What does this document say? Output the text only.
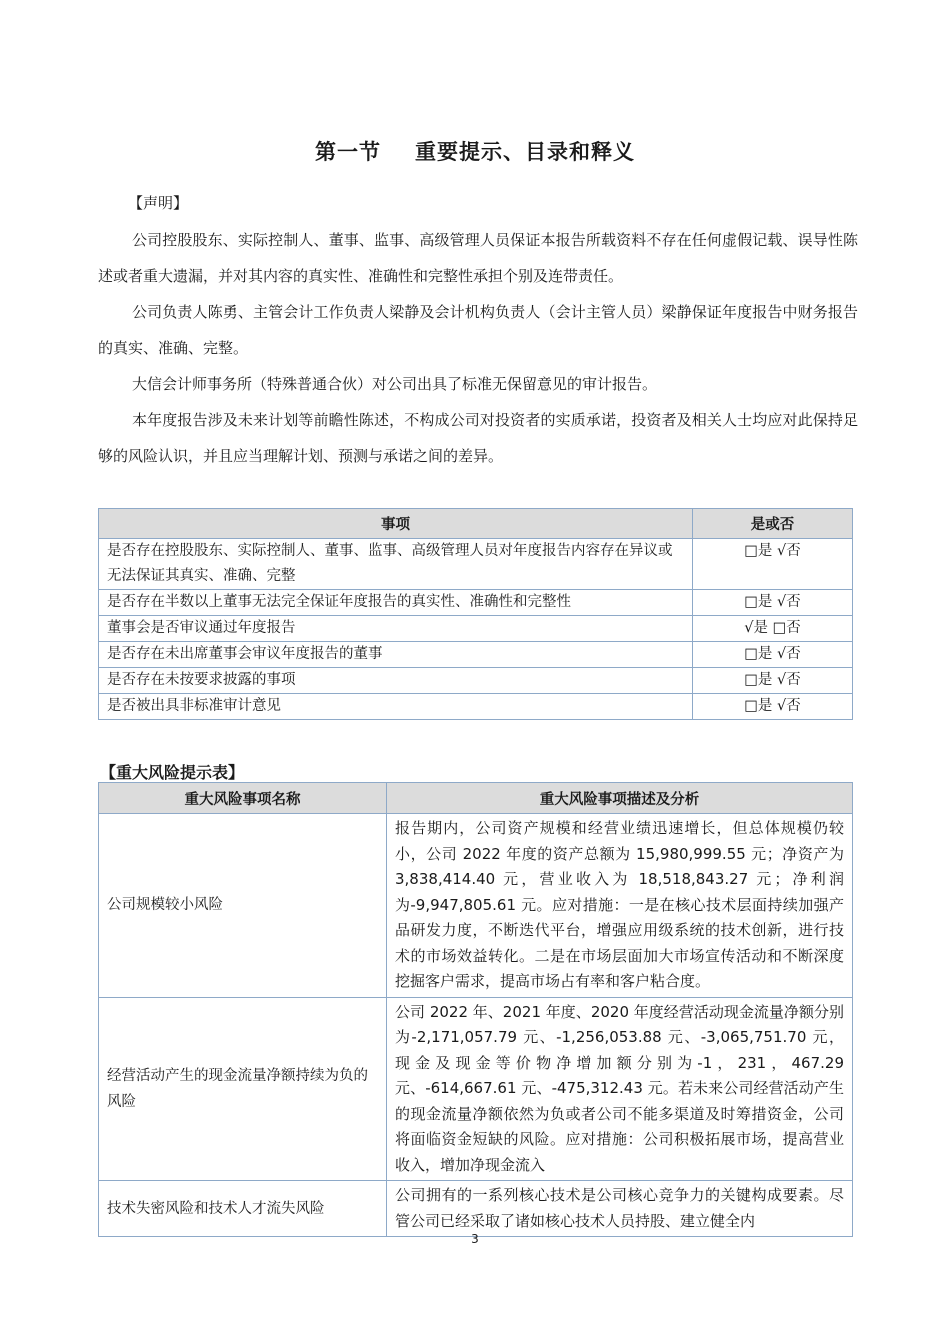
第一节 重要提示、目录和释义
【声明】

公司控股股东、实际控制人、董事、监事、高级管理人员保证本报告所载资料不存在任何虚假记载、误导性陈述或者重大遗漏，并对其内容的真实性、准确性和完整性承担个别及连带责任。

公司负责人陈勇、主管会计工作负责人梁静及会计机构负责人（会计主管人员）梁静保证年度报告中财务报告的真实、准确、完整。

大信会计师事务所（特殊普通合伙）对公司出具了标准无保留意见的审计报告。

本年度报告涉及未来计划等前瞻性陈述，不构成公司对投资者的实质承诺，投资者及相关人士均应对此保持足够的风险认识，并且应当理解计划、预测与承诺之间的差异。

事项	是或否
是否存在控股股东、实际控制人、董事、监事、高级管理人员对年度报告内容存在异议或无法保证其真实、准确、完整	□是 √否
是否存在半数以上董事无法完全保证年度报告的真实性、准确性和完整性	□是 √否
董事会是否审议通过年度报告	√是 □否
是否存在未出席董事会审议年度报告的董事	□是 √否
是否存在未按要求披露的事项	□是 √否
是否被出具非标准审计意见	□是 √否
【重大风险提示表】
重大风险事项名称	重大风险事项描述及分析
公司规模较小风险	报告期内，公司资产规模和经营业绩迅速增长，但总体规模仍较小，公司 2022 年度的资产总额为 15,980,999.55 元；净资产为 3,838,414.40 元，营业收入为 18,518,843.27 元；净利润为-9,947,805.61 元。应对措施：一是在核心技术层面持续加强产品研发力度，不断迭代平台，增强应用级系统的技术创新，进行技术的市场效益转化。二是在市场层面加大市场宣传活动和不断深度挖掘客户需求，提高市场占有率和客户粘合度。
经营活动产生的现金流量净额持续为负的风险	公司 2022 年、2021 年度、2020 年度经营活动现金流量净额分别为-2,171,057.79 元、-1,256,053.88 元、-3,065,751.70 元，现金及现金等价物净增加额分别为-1，231，467.29 元、-614,667.61 元、-475,312.43 元。若未来公司经营活动产生的现金流量净额依然为负或者公司不能多渠道及时筹措资金，公司将面临资金短缺的风险。应对措施：公司积极拓展市场，提高营业收入，增加净现金流入
技术失密风险和技术人才流失风险	公司拥有的一系列核心技术是公司核心竞争力的关键构成要素。尽管公司已经采取了诸如核心技术人员持股、建立健全内
3
